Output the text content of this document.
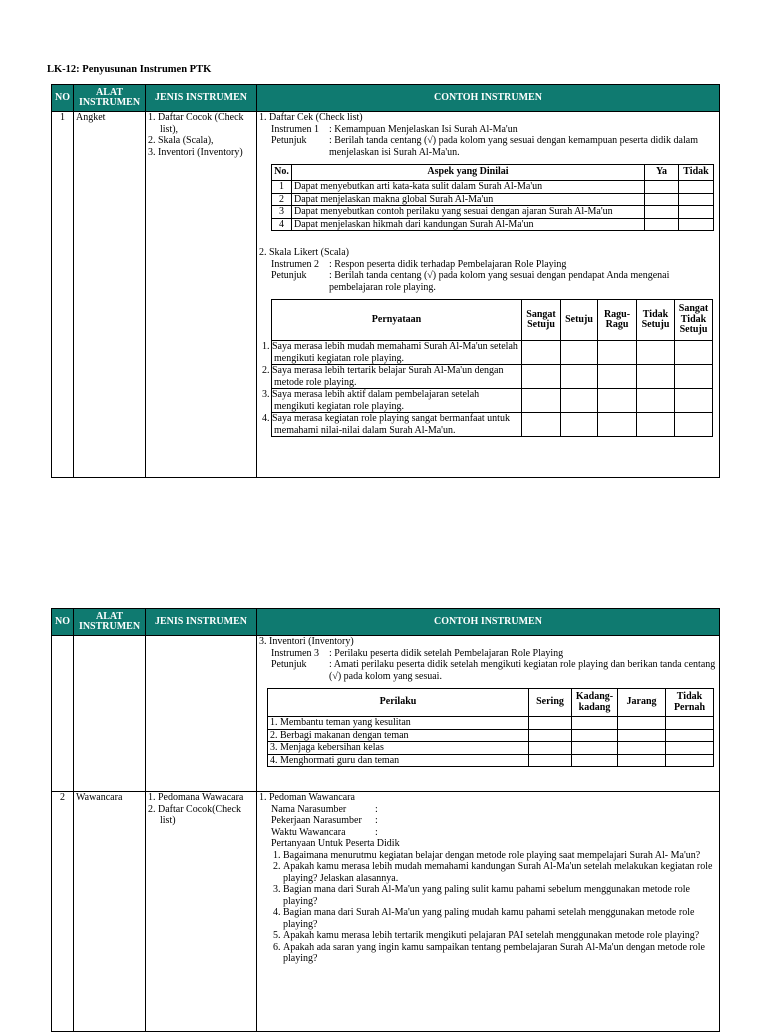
LK-12: Penyusunan Instrumen PTK
NO	ALAT INSTRUMEN	JENIS INSTRUMEN	CONTOH INSTRUMEN
1	Angket	1. Daftar Cocok (Check list),
2. Skala (Scala),
3. Inventori (Inventory)

1. Daftar Cek (Check list)
Instrumen 1 : Kemampuan Menjelaskan Isi Surah Al-Ma'un
Petunjuk	: Berilah tanda centang (√) pada kolom yang sesuai dengan kemampuan peserta didik dalam menjelaskan isi Surah Al-Ma'un.
No.	Aspek yang Dinilai	Ya	Tidak
1	Dapat menyebutkan arti kata-kata sulit dalam Surah Al-Ma'un		
2	Dapat menjelaskan makna global Surah Al-Ma'un		
3	Dapat menyebutkan contoh perilaku yang sesuai dengan ajaran Surah Al-Ma'un		
4	Dapat menjelaskan hikmah dari kandungan Surah Al-Ma'un		
2. Skala Likert (Scala)
Instrumen 2 : Respon peserta didik terhadap Pembelajaran Role Playing
Petunjuk	: Berilah tanda centang (√) pada kolom yang sesuai dengan pendapat Anda mengenai pembelajaran role playing.
Pernyataan	Sangat Setuju	Setuju	Ragu-Ragu	Tidak Setuju	Sangat Tidak Setuju
1. Saya merasa lebih mudah memahami Surah Al-Ma'un setelah mengikuti kegiatan role playing.					
2. Saya merasa lebih tertarik belajar Surah Al-Ma'un dengan metode role playing.					
3. Saya merasa lebih aktif dalam pembelajaran setelah mengikuti kegiatan role playing.					
4. Saya merasa kegiatan role playing sangat bermanfaat untuk memahami nilai-nilai dalam Surah Al-Ma'un.					
NO	ALAT INSTRUMEN	JENIS INSTRUMEN	CONTOH INSTRUMEN

3. Inventori (Inventory)
Instrumen 3 : Perilaku peserta didik setelah Pembelajaran Role Playing
Petunjuk	: Amati perilaku peserta didik setelah mengikuti kegiatan role playing dan berikan tanda centang (√) pada kolom yang sesuai.
Perilaku	Sering	Kadang-kadang	Jarang	Tidak Pernah
1. Membantu teman yang kesulitan				
2. Berbagi makanan dengan teman				
3. Menjaga kebersihan kelas				
4. Menghormati guru dan teman				

2	Wawancara	1. Pedomana Wawacara
2. Daftar Cocok(Check list)

1. Pedoman Wawancara
Nama Narasumber	:
Pekerjaan Narasumber :
Waktu Wawancara	:
Pertanyaan Untuk Peserta Didik
1. Bagaimana menurutmu kegiatan belajar dengan metode role playing saat mempelajari Surah Al- Ma'un?
2. Apakah kamu merasa lebih mudah memahami kandungan Surah Al-Ma'un setelah melakukan kegiatan role playing? Jelaskan alasannya.
3. Bagian mana dari Surah Al-Ma'un yang paling sulit kamu pahami sebelum menggunakan metode role playing?
4. Bagian mana dari Surah Al-Ma'un yang paling mudah kamu pahami setelah menggunakan metode role playing?
5. Apakah kamu merasa lebih tertarik mengikuti pelajaran PAI setelah menggunakan metode role playing?
6. Apakah ada saran yang ingin kamu sampaikan tentang pembelajaran Surah Al-Ma'un dengan metode role playing?
